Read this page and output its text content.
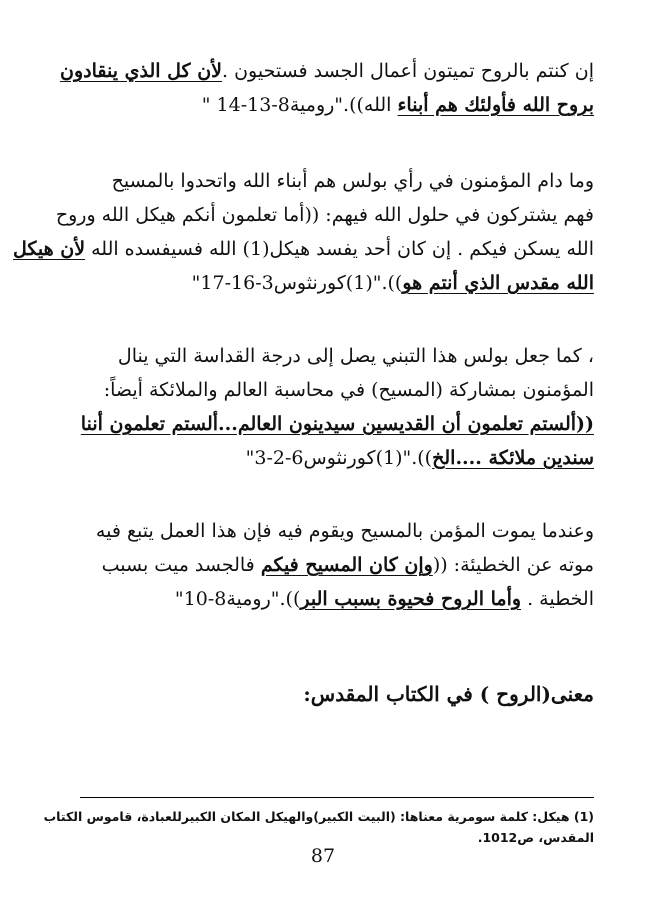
إن كنتم بالروح تميتون أعمال الجسد فستحيون .لأن كل الذي ينقادون
بروح الله فأولئك هم أبناء الله))."رومية8-13-14 "
وما دام المؤمنون في رأي بولس هم أبناء الله واتحدوا بالمسيح
فهم يشتركون في حلول الله فيهم: ((أما تعلمون أنكم هيكل الله وروح
الله يسكن فيكم . إن كان أحد يفسد هيكل(1) الله فسيفسده الله لأن هيكل
الله مقدس الذي أنتم هو))."(1)كورنثوس3-16-17"
، كما جعل بولس هذا التبني يصل إلى درجة القداسة التي ينال
المؤمنون بمشاركة (المسيح) في محاسبة العالم والملائكة أيضاً:
((ألستم تعلمون أن القديسين سيدينون العالم...ألستم تعلمون أننا
سندين ملائكة ....الخ))."(1)كورنثوس6-2-3"
وعندما يموت المؤمن بالمسيح ويقوم فيه فإن هذا العمل يتبع فيه
موته عن الخطيئة: ((وإن كان المسيح فيكم فالجسد ميت بسبب
الخطية . وأما الروح فحيوة بسبب البر))."رومية8-10"
معنى(الروح ) في الكتاب المقدس:
(1) هيكل: كلمة سومرية معناها: (البيت الكبير)والهيكل المكان الكبيرللعبادة، قاموس الكتاب
المقدس، ص1012.
87
